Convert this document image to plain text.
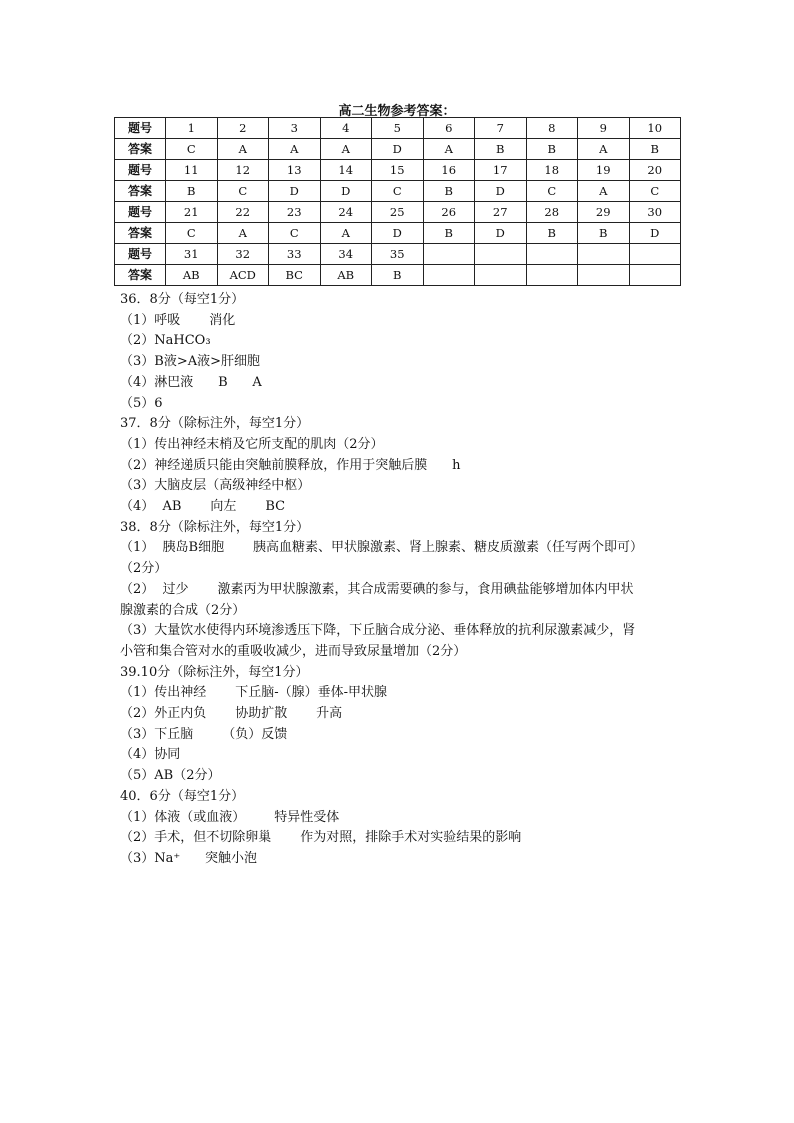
高二生物参考答案：
题号	1	2	3	4	5	6	7	8	9	10
答案	C	A	A	A	D	A	B	B	A	B
题号	11	12	13	14	15	16	17	18	19	20
答案	B	C	D	D	C	B	D	C	A	C
题号	21	22	23	24	25	26	27	28	29	30
答案	C	A	C	A	D	B	D	B	B	D
题号	31	32	33	34	35					
答案	AB	ACD	BC	AB	B					
36．8分（每空1分）
（1）呼吸       消化
（2）NaHCO₃
（3）B液>A液>肝细胞
（4）淋巴液      B      A
（5）6
37．8分（除标注外，每空1分）
（1）传出神经末梢及它所支配的肌肉（2分）
（2）神经递质只能由突触前膜释放，作用于突触后膜      h
（3）大脑皮层（高级神经中枢）
（4）  AB       向左       BC
38．8分（除标注外，每空1分）
（1）  胰岛B细胞       胰高血糖素、甲状腺激素、肾上腺素、糖皮质激素（任写两个即可）
（2分）
（2）  过少       激素丙为甲状腺激素，其合成需要碘的参与，食用碘盐能够增加体内甲状
腺激素的合成（2分）
（3）大量饮水使得内环境渗透压下降，下丘脑合成分泌、垂体释放的抗利尿激素减少，肾
小管和集合管对水的重吸收减少，进而导致尿量增加（2分）
39.10分（除标注外，每空1分）
（1）传出神经       下丘脑-（腺）垂体-甲状腺
（2）外正内负       协助扩散       升高
（3）下丘脑       （负）反馈
（4）协同
（5）AB（2分）
40．6分（每空1分）
（1）体液（或血液）       特异性受体
（2）手术，但不切除卵巢       作为对照，排除手术对实验结果的影响
（3）Na⁺      突触小泡
